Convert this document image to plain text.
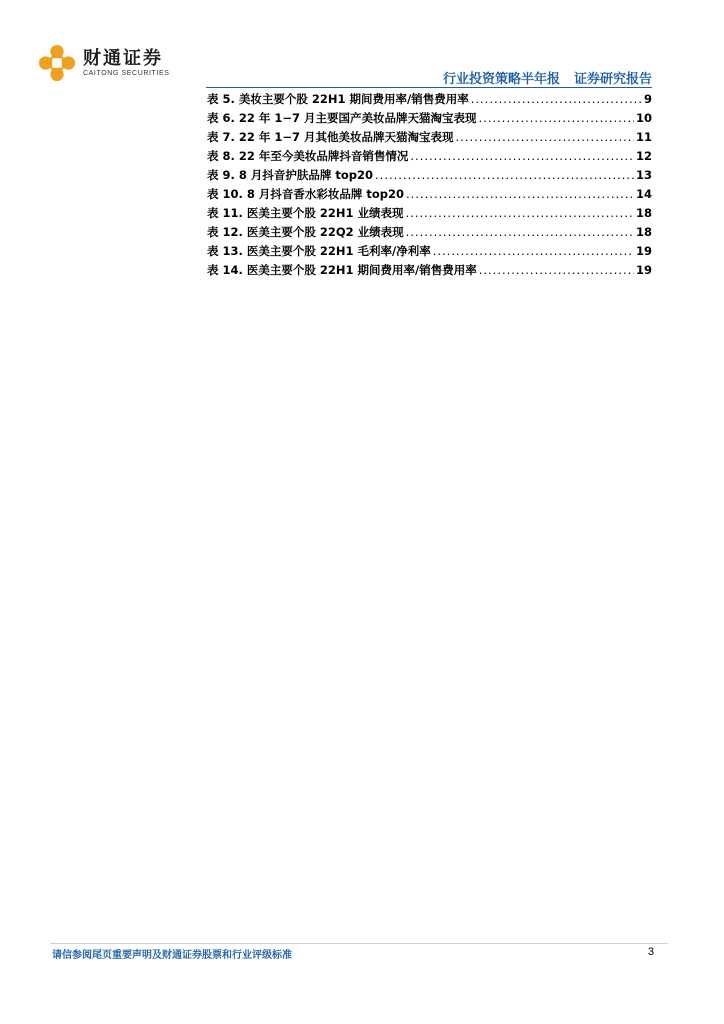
财通证券
CAITONG SECURITIES	行业投资策略半年报 证券研究报告
表 5. 美妆主要个股 22H1 期间费用率/销售费用率 .....	9
表 6. 22 年 1−7 月主要国产美妆品牌天猫淘宝表现 .....	10
表 7. 22 年 1−7 月其他美妆品牌天猫淘宝表现 .....	11
表 8. 22 年至今美妆品牌抖音销售情况 .....	12
表 9. 8 月抖音护肤品牌 top20 .....	13
表 10. 8 月抖音香水彩妆品牌 top20 .....	14
表 11. 医美主要个股 22H1 业绩表现 .....	18
表 12. 医美主要个股 22Q2 业绩表现 .....	18
表 13. 医美主要个股 22H1 毛利率/净利率 .....	19
表 14. 医美主要个股 22H1 期间费用率/销售费用率 .....	19
请信参阅尾页重要声明及财通证券股票和行业评级标准	3
